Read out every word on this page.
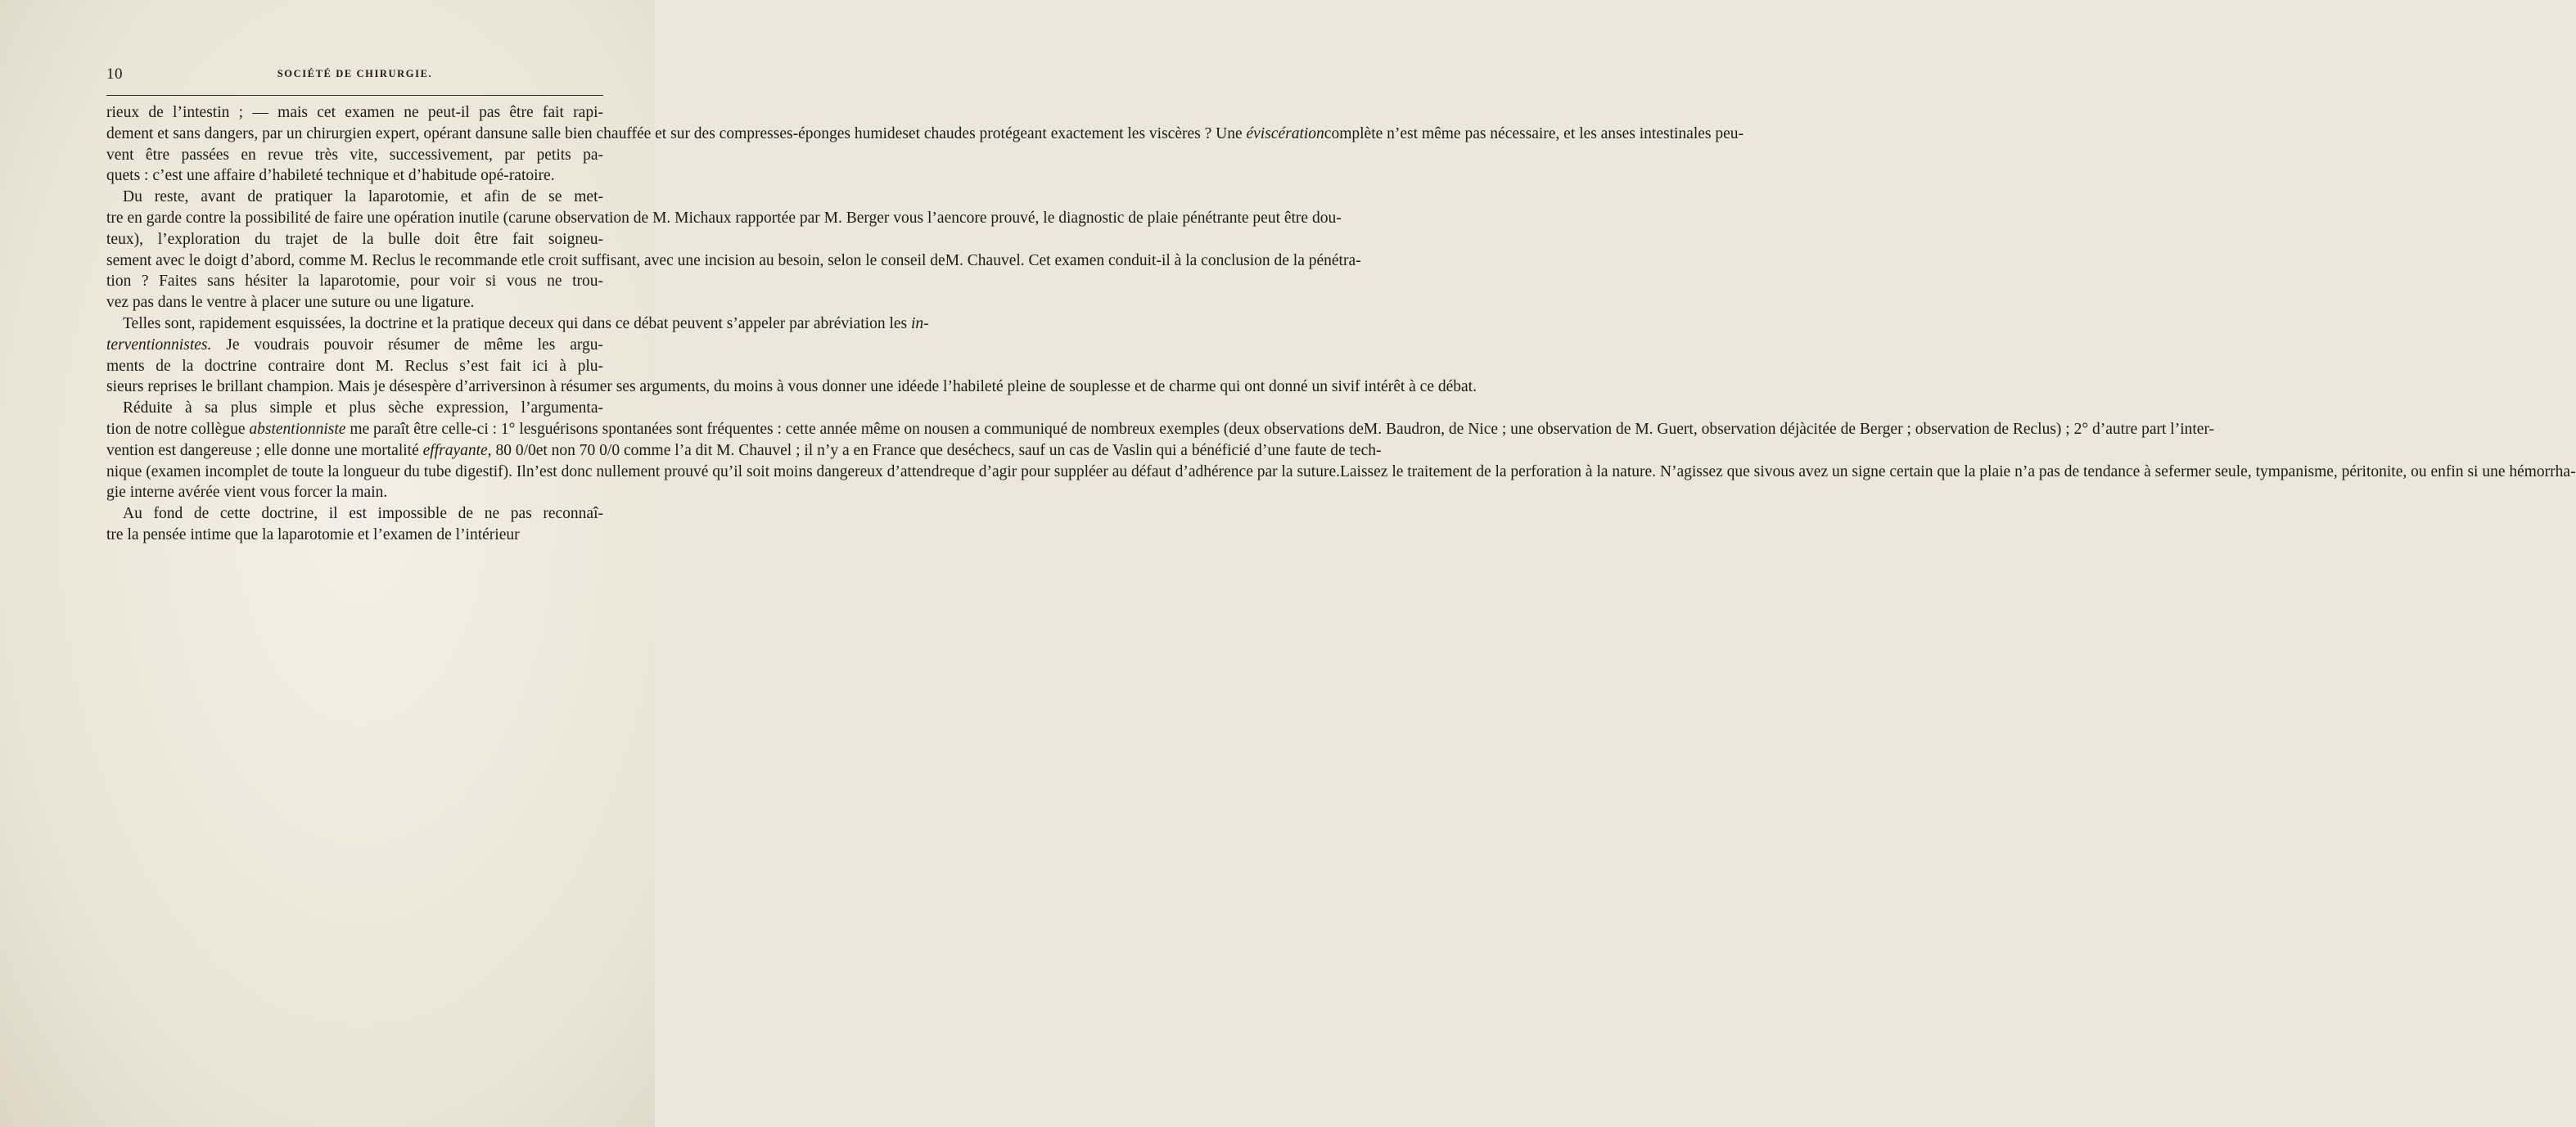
10	SOCIÉTÉ DE CHIRURGIE.
rieux de l’intestin ; — mais cet examen ne peut-il pas être fait rapi-dement et sans dangers, par un chirurgien expert, opérant dansune salle bien chauffée et sur des compresses-éponges humideset chaudes protégeant exactement les viscères ? Une éviscérationcomplète n’est même pas nécessaire, et les anses intestinales peu-vent être passées en revue très vite, successivement, par petits pa-quets : c’est une affaire d’habileté technique et d’habitude opé-ratoire.
Du reste, avant de pratiquer la laparotomie, et afin de se met-tre en garde contre la possibilité de faire une opération inutile (carune observation de M. Michaux rapportée par M. Berger vous l’aencore prouvé, le diagnostic de plaie pénétrante peut être dou-teux), l’exploration du trajet de la bulle doit être fait soigneu-sement avec le doigt d’abord, comme M. Reclus le recommande etle croit suffisant, avec une incision au besoin, selon le conseil deM. Chauvel. Cet examen conduit-il à la conclusion de la pénétra-tion ? Faites sans hésiter la laparotomie, pour voir si vous ne trou-vez pas dans le ventre à placer une suture ou une ligature.
Telles sont, rapidement esquissées, la doctrine et la pratique deceux qui dans ce débat peuvent s’appeler par abréviation les in-terventionnistes. Je voudrais pouvoir résumer de même les argu-ments de la doctrine contraire dont M. Reclus s’est fait ici à plu-sieurs reprises le brillant champion. Mais je désespère d’arriversinon à résumer ses arguments, du moins à vous donner une idéede l’habileté pleine de souplesse et de charme qui ont donné un sivif intérêt à ce débat.
Réduite à sa plus simple et plus sèche expression, l’argumenta-tion de notre collègue abstentionniste me paraît être celle-ci : 1° lesguérisons spontanées sont fréquentes : cette année même on nousen a communiqué de nombreux exemples (deux observations deM. Baudron, de Nice ; une observation de M. Guert, observation déjàcitée de Berger ; observation de Reclus) ; 2° d’autre part l’inter-vention est dangereuse ; elle donne une mortalité effrayante, 80 0/0et non 70 0/0 comme l’a dit M. Chauvel ; il n’y a en France que deséchecs, sauf un cas de Vaslin qui a bénéficié d’une faute de tech-nique (examen incomplet de toute la longueur du tube digestif). Iln’est donc nullement prouvé qu’il soit moins dangereux d’attendreque d’agir pour suppléer au défaut d’adhérence par la suture.Laissez le traitement de la perforation à la nature. N’agissez que sivous avez un signe certain que la plaie n’a pas de tendance à sefermer seule, tympanisme, péritonite, ou enfin si une hémorrha-gie interne avérée vient vous forcer la main.
Au fond de cette doctrine, il est impossible de ne pas reconnaî-tre la pensée intime que la laparotomie et l’examen de l’intérieur
